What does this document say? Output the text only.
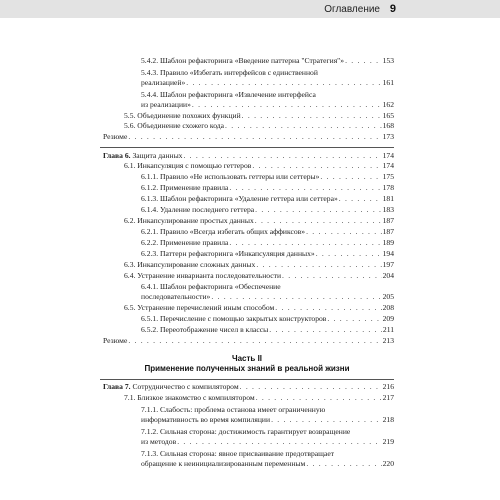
Оглавление 9
5.4.2. Шаблон рефакторинга «Введение паттерна "Стратегия"» . . .	153
5.4.3. Правило «Избегать интерфейсов с единственной
реализацией» . . .	161
5.4.4. Шаблон рефакторинга «Извлечение интерфейса
из реализации» . . .	162
5.5. Объединение похожих функций . . .	165
5.6. Объединение схожего кода . . .	168
Резюме . . .	173
Глава 6. Защита данных . . .	174
6.1. Инкапсуляция с помощью геттеров . . .	174
6.1.1. Правило «Не использовать геттеры или сеттеры» . . .	175
6.1.2. Применение правила . . .	178
6.1.3. Шаблон рефакторинга «Удаление геттера или сеттера» . . .	181
6.1.4. Удаление последнего геттера . . .	183
6.2. Инкапсулирование простых данных . . .	187
6.2.1. Правило «Всегда избегать общих аффиксов» . . .	187
6.2.2. Применение правила . . .	189
6.2.3. Паттерн рефакторинга «Инкапсуляция данных» . . .	194
6.3. Инкапсулирование сложных данных . . .	197
6.4. Устранение инварианта последовательности . . .	204
6.4.1. Шаблон рефакторинга «Обеспечение
последовательности» . . .	205
6.5. Устранение перечислений иным способом . . .	208
6.5.1. Перечисление с помощью закрытых конструкторов . . .	209
6.5.2. Переотображение чисел в классы . . .	211
Резюме . . .	213
Часть II
Применение полученных знаний в реальной жизни
Глава 7. Сотрудничество с компилятором . . .	216
7.1. Близкое знакомство с компилятором . . .	217
7.1.1. Слабость: проблема останова имеет ограниченную
информативность во время компиляции . . .	218
7.1.2. Сильная сторона: достижимость гарантирует возвращение
из методов . . .	219
7.1.3. Сильная сторона: явное присваивание предотвращает
обращение к неинициализированным переменным . . .	220
